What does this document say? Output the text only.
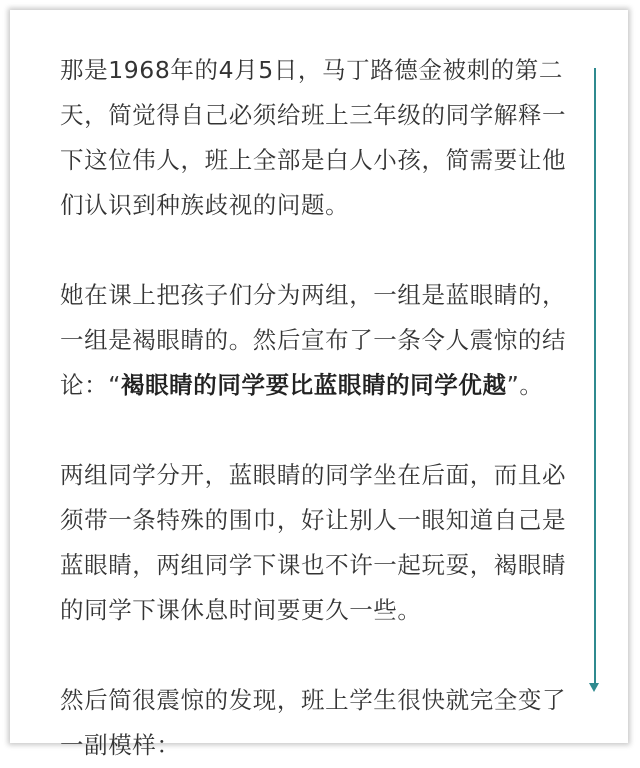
那是1968年的4月5日，马丁路德金被刺的第二
天，简觉得自己必须给班上三年级的同学解释一
下这位伟人，班上全部是白人小孩，简需要让他
们认识到种族歧视的问题。
她在课上把孩子们分为两组，一组是蓝眼睛的，
一组是褐眼睛的。然后宣布了一条令人震惊的结
论：“褐眼睛的同学要比蓝眼睛的同学优越”。
两组同学分开，蓝眼睛的同学坐在后面，而且必
须带一条特殊的围巾，好让别人一眼知道自己是
蓝眼睛，两组同学下课也不许一起玩耍，褐眼睛
的同学下课休息时间要更久一些。
然后简很震惊的发现，班上学生很快就完全变了
一副模样：
